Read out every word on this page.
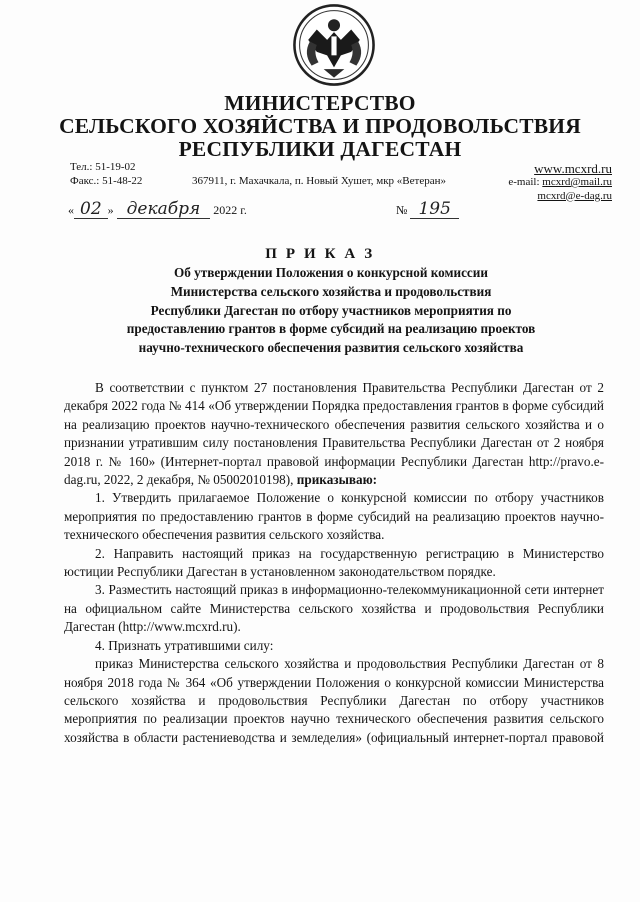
МИНИСТЕРСТВО
СЕЛЬСКОГО ХОЗЯЙСТВА И ПРОДОВОЛЬСТВИЯ
РЕСПУБЛИКИ ДАГЕСТАН
Тел.: 51-19-02
Факс.: 51-48-22	367911, г. Махачкала, п. Новый Хушет, мкр «Ветеран»
www.mcxrd.ru
e-mail: mcxrd@mail.ru
mcxrd@e-dag.ru
« 02 » декабря 2022 г.	№ 195
П Р И К А З
Об утверждении Положения о конкурсной комиссии
Министерства сельского хозяйства и продовольствия
Республики Дагестан по отбору участников мероприятия по
предоставлению грантов в форме субсидий на реализацию проектов
научно-технического обеспечения развития сельского хозяйства

В соответствии с пунктом 27 постановления Правительства Республики Дагестан от 2 декабря 2022 года № 414 «Об утверждении Порядка предоставления грантов в форме субсидий на реализацию проектов научно-технического обеспечения развития сельского хозяйства и о признании утратившим силу постановления Правительства Республики Дагестан от 2 ноября 2018 г. № 160» (Интернет-портал правовой информации Республики Дагестан http://pravo.e-dag.ru, 2022, 2 декабря, № 05002010198), приказываю:

1. Утвердить прилагаемое Положение о конкурсной комиссии по отбору участников мероприятия по предоставлению грантов в форме субсидий на реализацию проектов научно-технического обеспечения развития сельского хозяйства.

2. Направить настоящий приказ на государственную регистрацию в Министерство юстиции Республики Дагестан в установленном законодательством порядке.

3. Разместить настоящий приказ в информационно-телекоммуникационной сети интернет на официальном сайте Министерства сельского хозяйства и продовольствия Республики Дагестан (http://www.mcxrd.ru).

4. Признать утратившими силу:

приказ Министерства сельского хозяйства и продовольствия Республики Дагестан от 8 ноября 2018 года № 364 «Об утверждении Положения о конкурсной комиссии Министерства сельского хозяйства и продовольствия Республики Дагестан по отбору участников мероприятия по реализации проектов научно технического обеспечения развития сельского хозяйства в области растениеводства и земледелия» (официальный интернет-портал правовой
